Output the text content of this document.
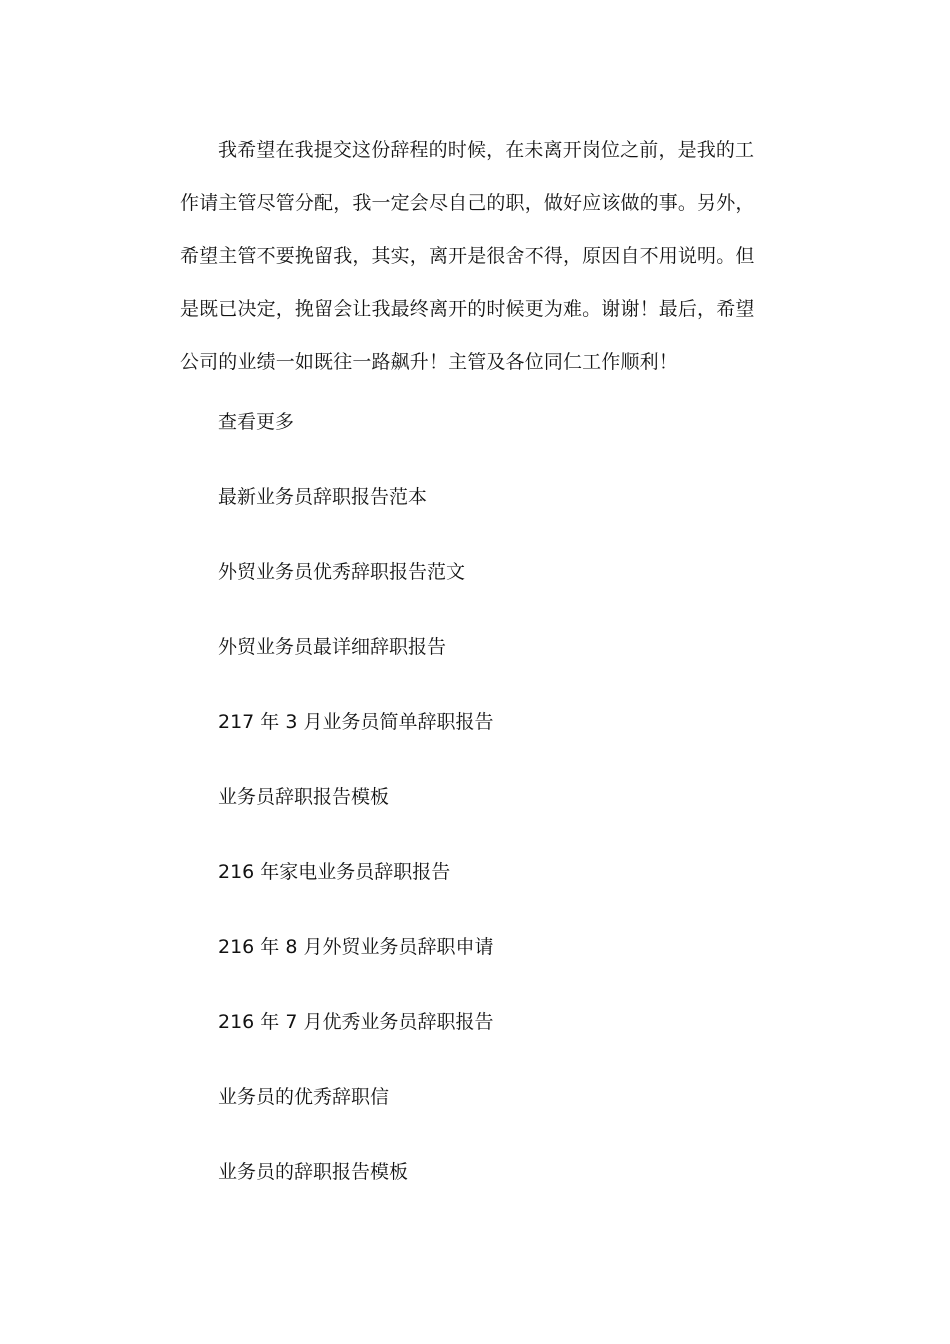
我希望在我提交这份辞程的时候，在未离开岗位之前，是我的工
作请主管尽管分配，我一定会尽自己的职，做好应该做的事。另外，
希望主管不要挽留我，其实，离开是很舍不得，原因自不用说明。但
是既已决定，挽留会让我最终离开的时候更为难。谢谢！最后，希望
公司的业绩一如既往一路飙升！主管及各位同仁工作顺利！

查看更多

最新业务员辞职报告范本
外贸业务员优秀辞职报告范文
外贸业务员最详细辞职报告
217 年 3 月业务员简单辞职报告
业务员辞职报告模板
216 年家电业务员辞职报告
216 年 8 月外贸业务员辞职申请
216 年 7 月优秀业务员辞职报告
业务员的优秀辞职信
业务员的辞职报告模板
